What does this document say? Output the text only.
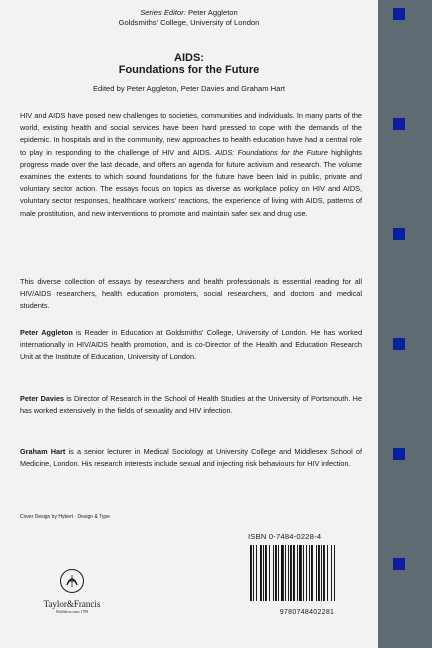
Series Editor: Peter Aggleton
Goldsmiths' College, University of London
AIDS:
Foundations for the Future
Edited by Peter Aggleton, Peter Davies and Graham Hart
HIV and AIDS have posed new challenges to societies, communities and individuals. In many parts of the world, existing health and social services have been hard pressed to cope with the demands of the epidemic. In hospitals and in the community, new approaches to health education have had a central role to play in responding to the challenge of HIV and AIDS. AIDS: Foundations for the Future highlights progress made over the last decade, and offers an agenda for future activism and research. The volume examines the extents to which sound foundations for the future have been laid in public, private and voluntary sector action. The essays focus on topics as diverse as workplace policy on HIV and AIDS, voluntary sector responses, healthcare workers' reactions, the experience of living with AIDS, patterns of male prostitution, and new interventions to promote and maintain safer sex and drug use.
This diverse collection of essays by researchers and health professionals is essential reading for all HIV/AIDS researchers, health education promoters, social researchers, and doctors and medical students.
Peter Aggleton is Reader in Education at Goldsmiths' College, University of London. He has worked internationally in HIV/AIDS health promotion, and is co-Director of the Health and Education Research Unit at the Institute of Education, University of London.
Peter Davies is Director of Research in the School of Health Studies at the University of Portsmouth. He has worked extensively in the fields of sexuality and HIV infection.
Graham Hart is a senior lecturer in Medical Sociology at University College and Middlesex School of Medicine, London. His research interests include sexual and injecting risk behaviours for HIV infection.
Cover Design by Hybert · Design & Type
Taylor&Francis
Publishers since 1798
ISBN 0-7484-0228-4
9780748402281
